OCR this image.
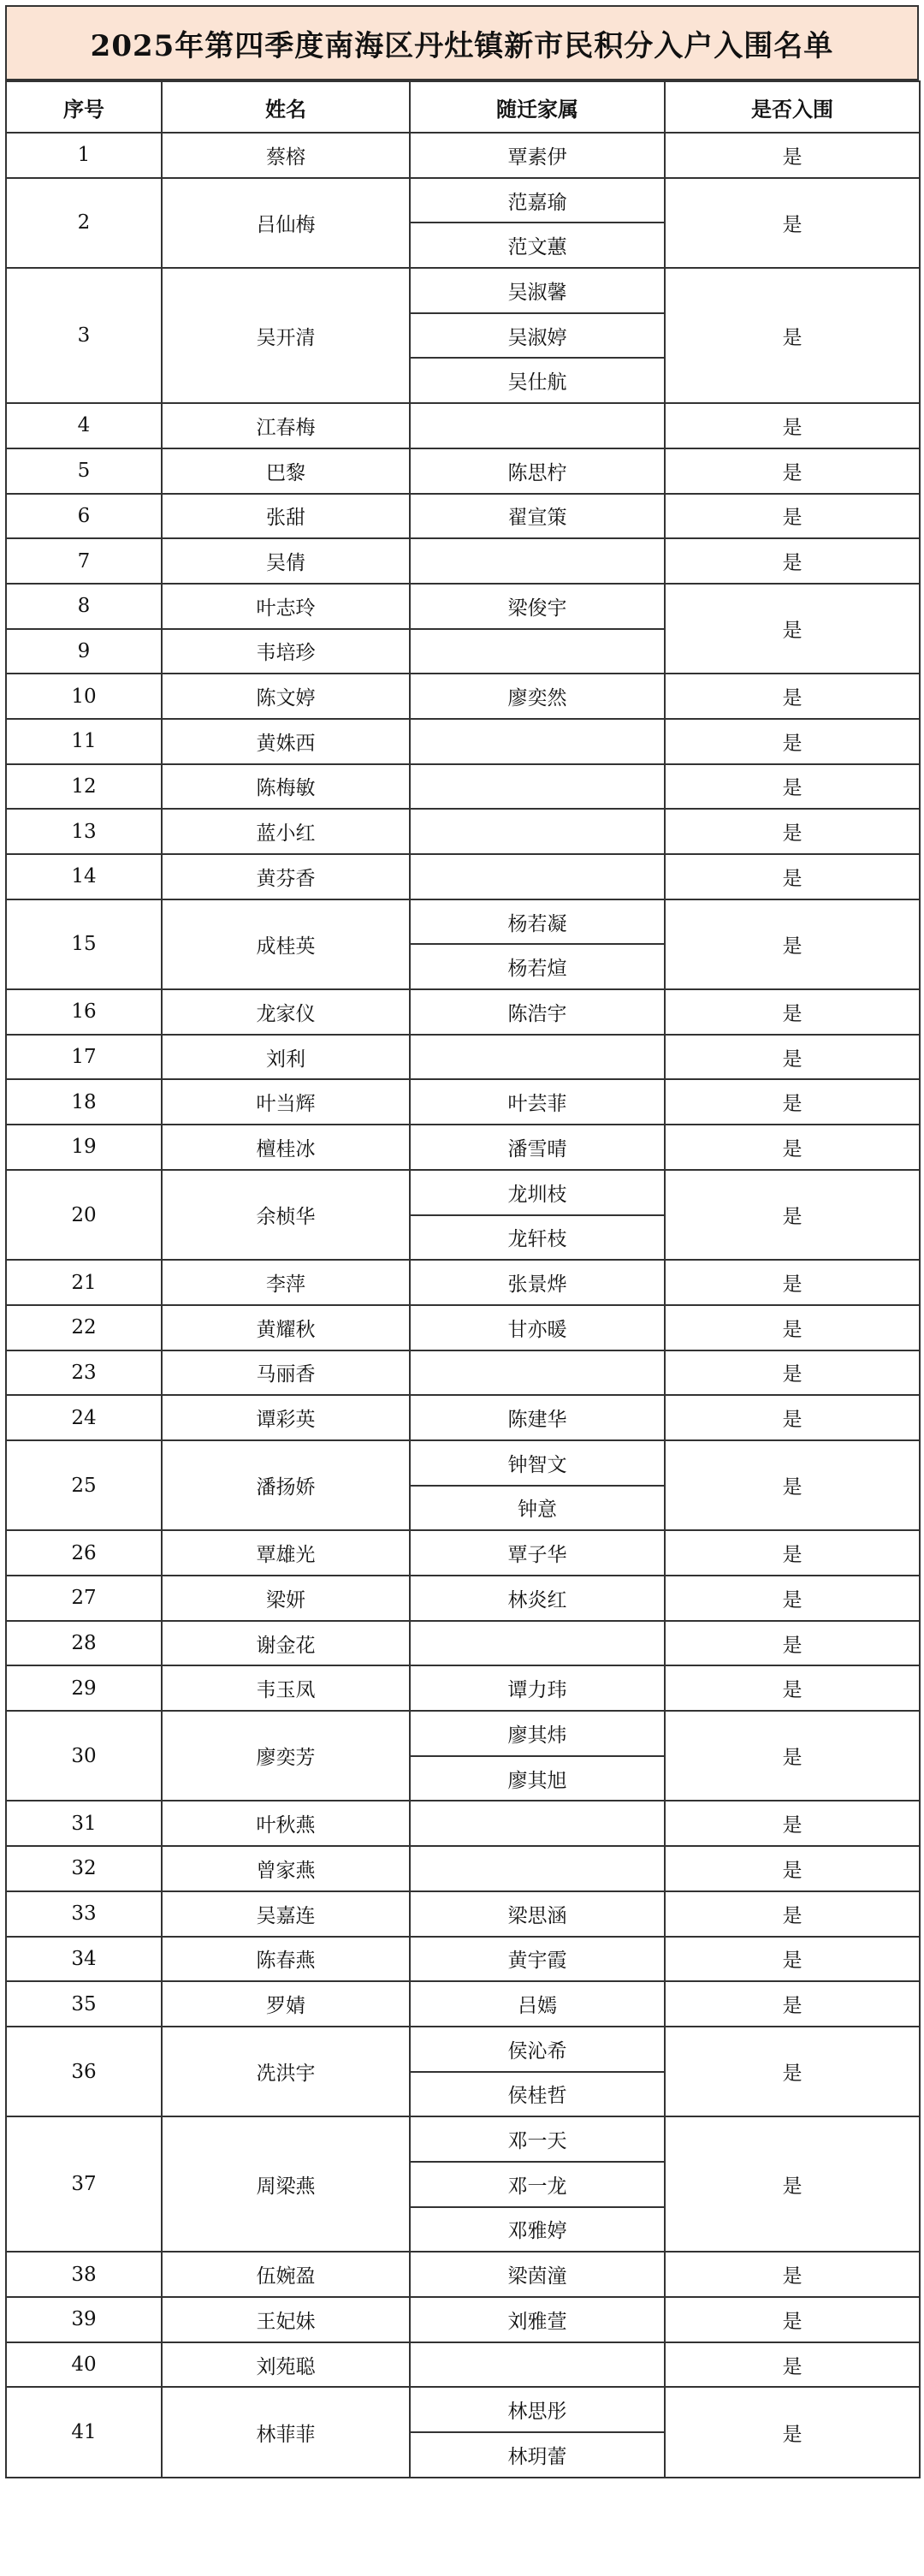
2025年第四季度南海区丹灶镇新市民积分入户入围名单
序号	姓名	随迁家属	是否入围
1	蔡榕	覃素伊	是
2	吕仙梅	范嘉瑜	是
		范文蕙	
3	吴开清	吴淑馨	是
		吴淑婷	
		吴仕航	
4	江春梅		是
5	巴黎	陈思柠	是
6	张甜	翟宣策	是
7	吴倩		是
8	叶志玲	梁俊宇	是
9	韦培珍		
10	陈文婷	廖奕然	是
11	黄姝西		是
12	陈梅敏		是
13	蓝小红		是
14	黄芬香		是
15	成桂英	杨若凝	是
		杨若煊	
16	龙家仪	陈浩宇	是
17	刘利		是
18	叶当辉	叶芸菲	是
19	檀桂冰	潘雪晴	是
20	余桢华	龙圳枝	是
		龙轩枝	
21	李萍	张景烨	是
22	黄耀秋	甘亦暖	是
23	马丽香		是
24	谭彩英	陈建华	是
25	潘扬娇	钟智文	是
		钟意	
26	覃雄光	覃子华	是
27	梁妍	林炎红	是
28	谢金花		是
29	韦玉凤	谭力玮	是
30	廖奕芳	廖其炜	是
		廖其旭	
31	叶秋燕		是
32	曾家燕		是
33	吴嘉连	梁思涵	是
34	陈春燕	黄宇霞	是
35	罗婧	吕嫣	是
36	冼洪宇	侯沁希	是
		侯桂哲	
37	周梁燕	邓一天	是
		邓一龙	
		邓雅婷	
38	伍婉盈	梁茵潼	是
39	王妃妹	刘雅萱	是
40	刘苑聪		是
41	林菲菲	林思彤	是
		林玥蕾	
